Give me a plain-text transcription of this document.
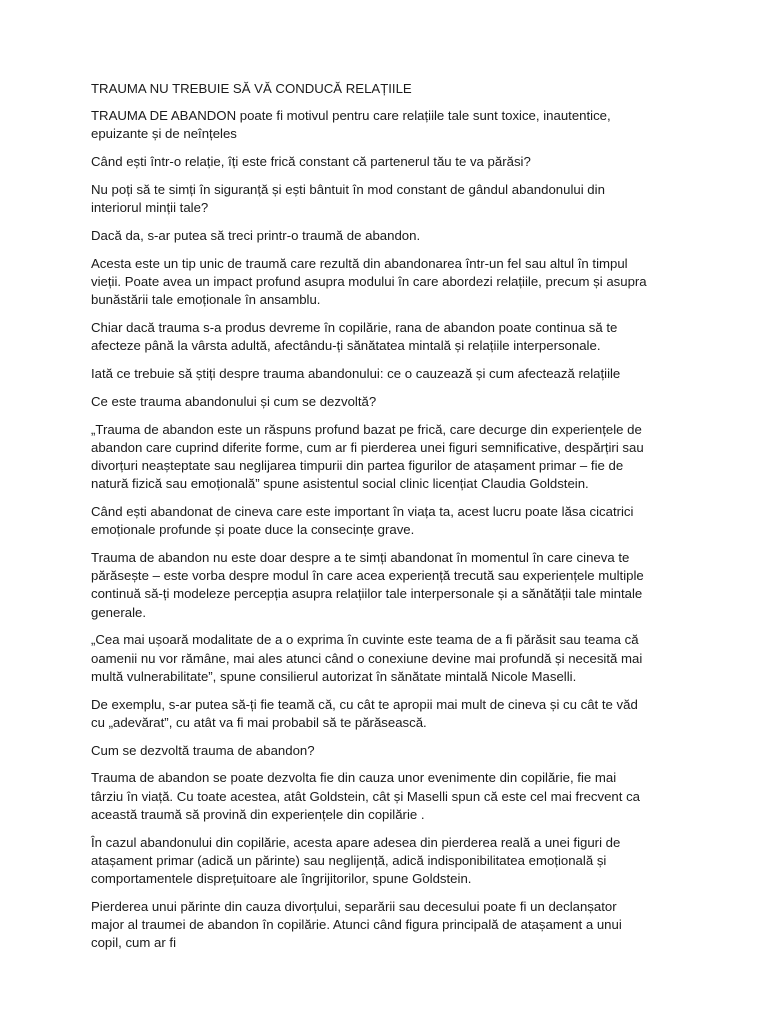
TRAUMA NU TREBUIE SĂ VĂ CONDUCĂ RELAȚIILE

TRAUMA DE ABANDON poate fi motivul pentru care relațiile tale sunt toxice, inautentice, epuizante și de neînțeles

Când ești într-o relație, îți este frică constant că partenerul tău te va părăsi?

Nu poți să te simți în siguranță și ești bântuit în mod constant de gândul abandonului din interiorul minții tale?

Dacă da, s-ar putea să treci printr-o traumă de abandon.

Acesta este un tip unic de traumă care rezultă din abandonarea într-un fel sau altul în timpul vieții. Poate avea un impact profund asupra modului în care abordezi relațiile, precum și asupra bunăstării tale emoționale în ansamblu.

Chiar dacă trauma s-a produs devreme în copilărie, rana de abandon poate continua să te afecteze până la vârsta adultă, afectându-ți sănătatea mintală și relațiile interpersonale.

Iată ce trebuie să știți despre trauma abandonului: ce o cauzează și cum afectează relațiile

Ce este trauma abandonului și cum se dezvoltă?

„Trauma de abandon este un răspuns profund bazat pe frică, care decurge din experiențele de abandon care cuprind diferite forme, cum ar fi pierderea unei figuri semnificative, despărțiri sau divorțuri neașteptate sau neglijarea timpurii din partea figurilor de atașament primar – fie de natură fizică sau emoțională” spune asistentul social clinic licențiat Claudia Goldstein.

Când ești abandonat de cineva care este important în viața ta, acest lucru poate lăsa cicatrici emoționale profunde și poate duce la consecințe grave.

Trauma de abandon nu este doar despre a te simți abandonat în momentul în care cineva te părăsește – este vorba despre modul în care acea experiență trecută sau experiențele multiple continuă să-ți modeleze percepția asupra relațiilor tale interpersonale și a sănătății tale mintale generale.

„Cea mai ușoară modalitate de a o exprima în cuvinte este teama de a fi părăsit sau teama că oamenii nu vor rămâne, mai ales atunci când o conexiune devine mai profundă și necesită mai multă vulnerabilitate”, spune consilierul autorizat în sănătate mintală Nicole Maselli.

De exemplu, s-ar putea să-ți fie teamă că, cu cât te apropii mai mult de cineva și cu cât te văd cu „adevărat”, cu atât va fi mai probabil să te părăsească.

Cum se dezvoltă trauma de abandon?

Trauma de abandon se poate dezvolta fie din cauza unor evenimente din copilărie, fie mai târziu în viață. Cu toate acestea, atât Goldstein, cât și Maselli spun că este cel mai frecvent ca această traumă să provină din experiențele din copilărie .

În cazul abandonului din copilărie, acesta apare adesea din pierderea reală a unei figuri de atașament primar (adică un părinte) sau neglijență, adică indisponibilitatea emoțională și comportamentele disprețuitoare ale îngrijitorilor, spune Goldstein.

Pierderea unui părinte din cauza divorțului, separării sau decesului poate fi un declanșator major al traumei de abandon în copilărie. Atunci când figura principală de atașament a unui copil, cum ar fi
